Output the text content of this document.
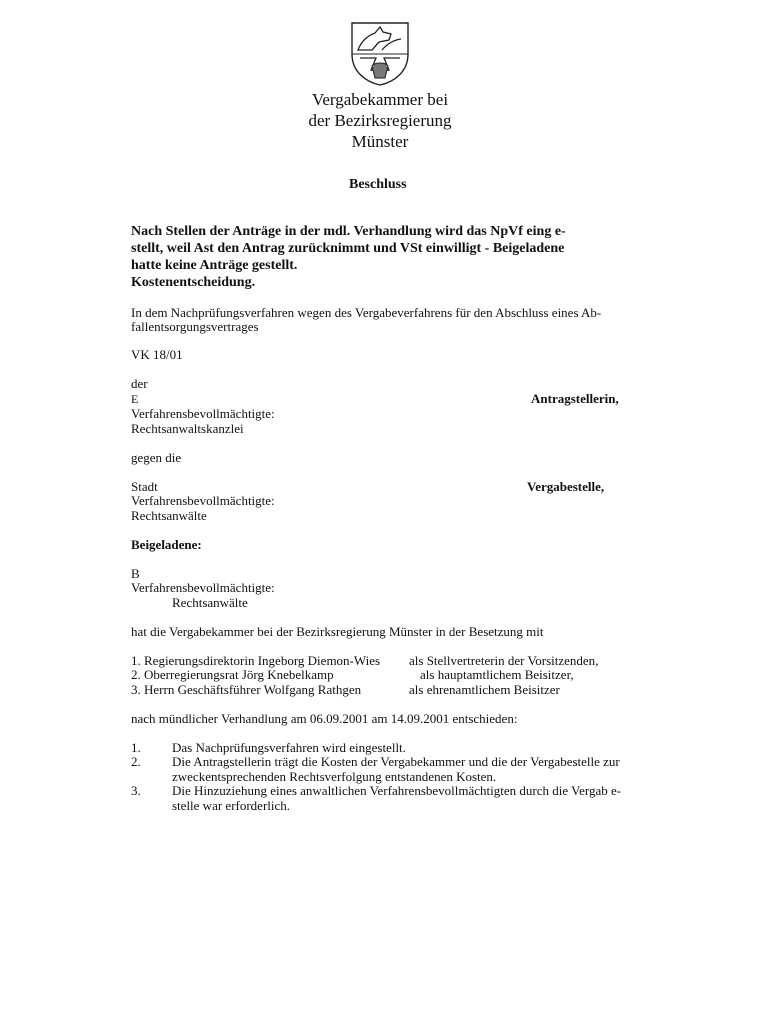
Vergabekammer bei
der Bezirksregierung
Münster
Beschluss
Nach Stellen der Anträge in der mdl. Verhandlung wird das NpVf eing e-
stellt, weil Ast den Antrag zurücknimmt und VSt einwilligt - Beigeladene
hatte keine Anträge gestellt.
Kostenentscheidung.
In dem Nachprüfungsverfahren wegen des Vergabeverfahrens für den Abschluss eines Ab-
fallentsorgungsvertrages
VK 18/01
der
E	Antragstellerin,
Verfahrensbevollmächtigte:
Rechtsanwaltskanzlei
gegen die
Stadt	Vergabestelle,
Verfahrensbevollmächtigte:
Rechtsanwälte
Beigeladene:
B
Verfahrensbevollmächtigte:
Rechtsanwälte
hat die Vergabekammer bei der Bezirksregierung Münster in der Besetzung mit
1. Regierungsdirektorin Ingeborg Diemon-Wies als Stellvertreterin der Vorsitzenden,
2. Oberregierungsrat Jörg Knebelkamp	als hauptamtlichem Beisitzer,
3. Herrn Geschäftsführer Wolfgang Rathgen	als ehrenamtlichem Beisitzer
nach mündlicher Verhandlung am 06.09.2001 am 14.09.2001 entschieden:
1. Das Nachprüfungsverfahren wird eingestellt.
2. Die Antragstellerin trägt die Kosten der Vergabekammer und die der Vergabestelle zur
zweckentsprechenden Rechtsverfolgung entstandenen Kosten.
3. Die Hinzuziehung eines anwaltlichen Verfahrensbevollmächtigten durch die Vergab e-
stelle war erforderlich.
